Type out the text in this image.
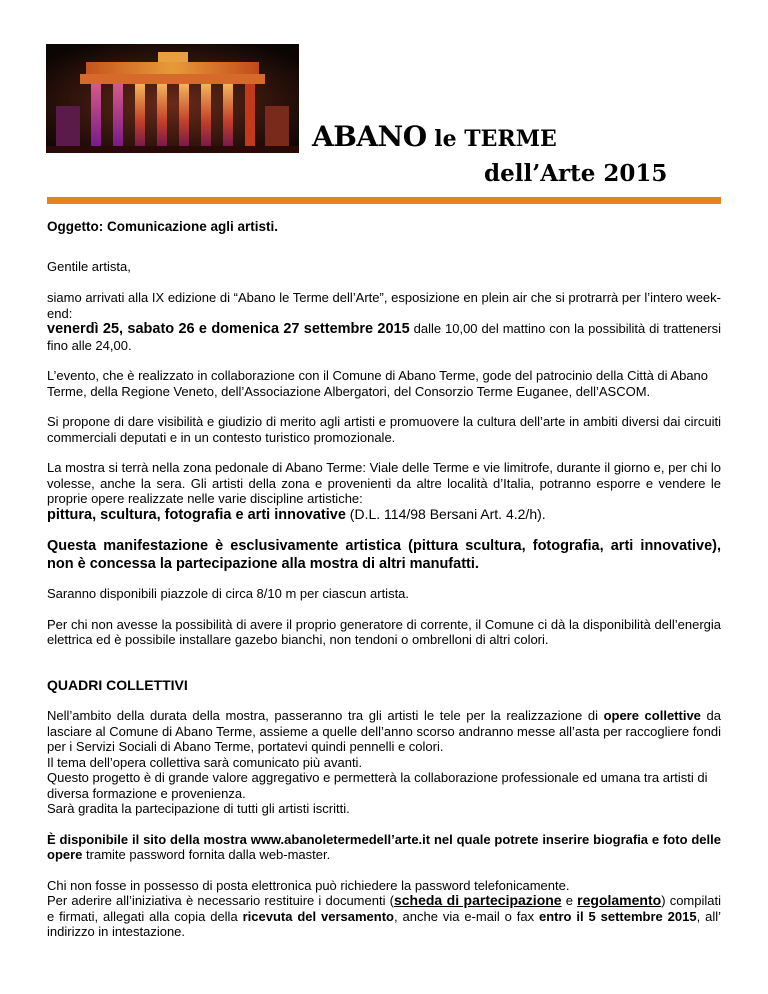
ABANO le TERME
dell’Arte 2015

Oggetto: Comunicazione agli artisti.

Gentile artista,

siamo arrivati alla IX edizione di “Abano le Terme dell’Arte”, esposizione en plein air che si protrarrà per l’intero week-end:
venerdì 25, sabato 26 e domenica 27 settembre 2015 dalle 10,00 del mattino con la possibilità di trattenersi fino alle 24,00.

L’evento, che è realizzato in collaborazione con il Comune di Abano Terme, gode del patrocinio della Città di Abano Terme, della Regione Veneto, dell’Associazione Albergatori, del Consorzio Terme Euganee, dell’ASCOM.

Si propone di dare visibilità e giudizio di merito agli artisti e promuovere la cultura dell’arte in ambiti diversi dai circuiti commerciali deputati e in un contesto turistico promozionale.

La mostra si terrà nella zona pedonale di Abano Terme: Viale delle Terme e vie limitrofe, durante il giorno e, per chi lo volesse, anche la sera. Gli artisti della zona e provenienti da altre località d’Italia, potranno esporre e vendere le proprie opere realizzate nelle varie discipline artistiche:
pittura, scultura, fotografia e arti innovative (D.L. 114/98 Bersani Art. 4.2/h).

Questa manifestazione è esclusivamente artistica (pittura scultura, fotografia, arti innovative), non è concessa la partecipazione alla mostra di altri manufatti.

Saranno disponibili piazzole di circa 8/10 m per ciascun artista.

Per chi non avesse la possibilità di avere il proprio generatore di corrente, il Comune ci dà la disponibilità dell’energia elettrica ed è possibile installare gazebo bianchi, non tendoni o ombrelloni di altri colori.

QUADRI COLLETTIVI

Nell’ambito della durata della mostra, passeranno tra gli artisti le tele per la realizzazione di opere collettive da lasciare al Comune di Abano Terme, assieme a quelle dell’anno scorso andranno messe all’asta per raccogliere fondi per i Servizi Sociali di Abano Terme, portatevi quindi pennelli e colori.

Il tema dell’opera collettiva sarà comunicato più avanti.

Questo progetto è di grande valore aggregativo e permetterà la collaborazione professionale ed umana tra artisti di diversa formazione e provenienza.

Sarà gradita la partecipazione di tutti gli artisti iscritti.

È disponibile il sito della mostra www.abanoletermedell’arte.it nel quale potrete inserire biografia e foto delle opere tramite password fornita dalla web-master.

Chi non fosse in possesso di posta elettronica può richiedere la password telefonicamente.

Per aderire all’iniziativa è necessario restituire i documenti (scheda di partecipazione e regolamento) compilati e firmati, allegati alla copia della ricevuta del versamento, anche via e-mail o fax entro il 5 settembre 2015, all’ indirizzo in intestazione.
